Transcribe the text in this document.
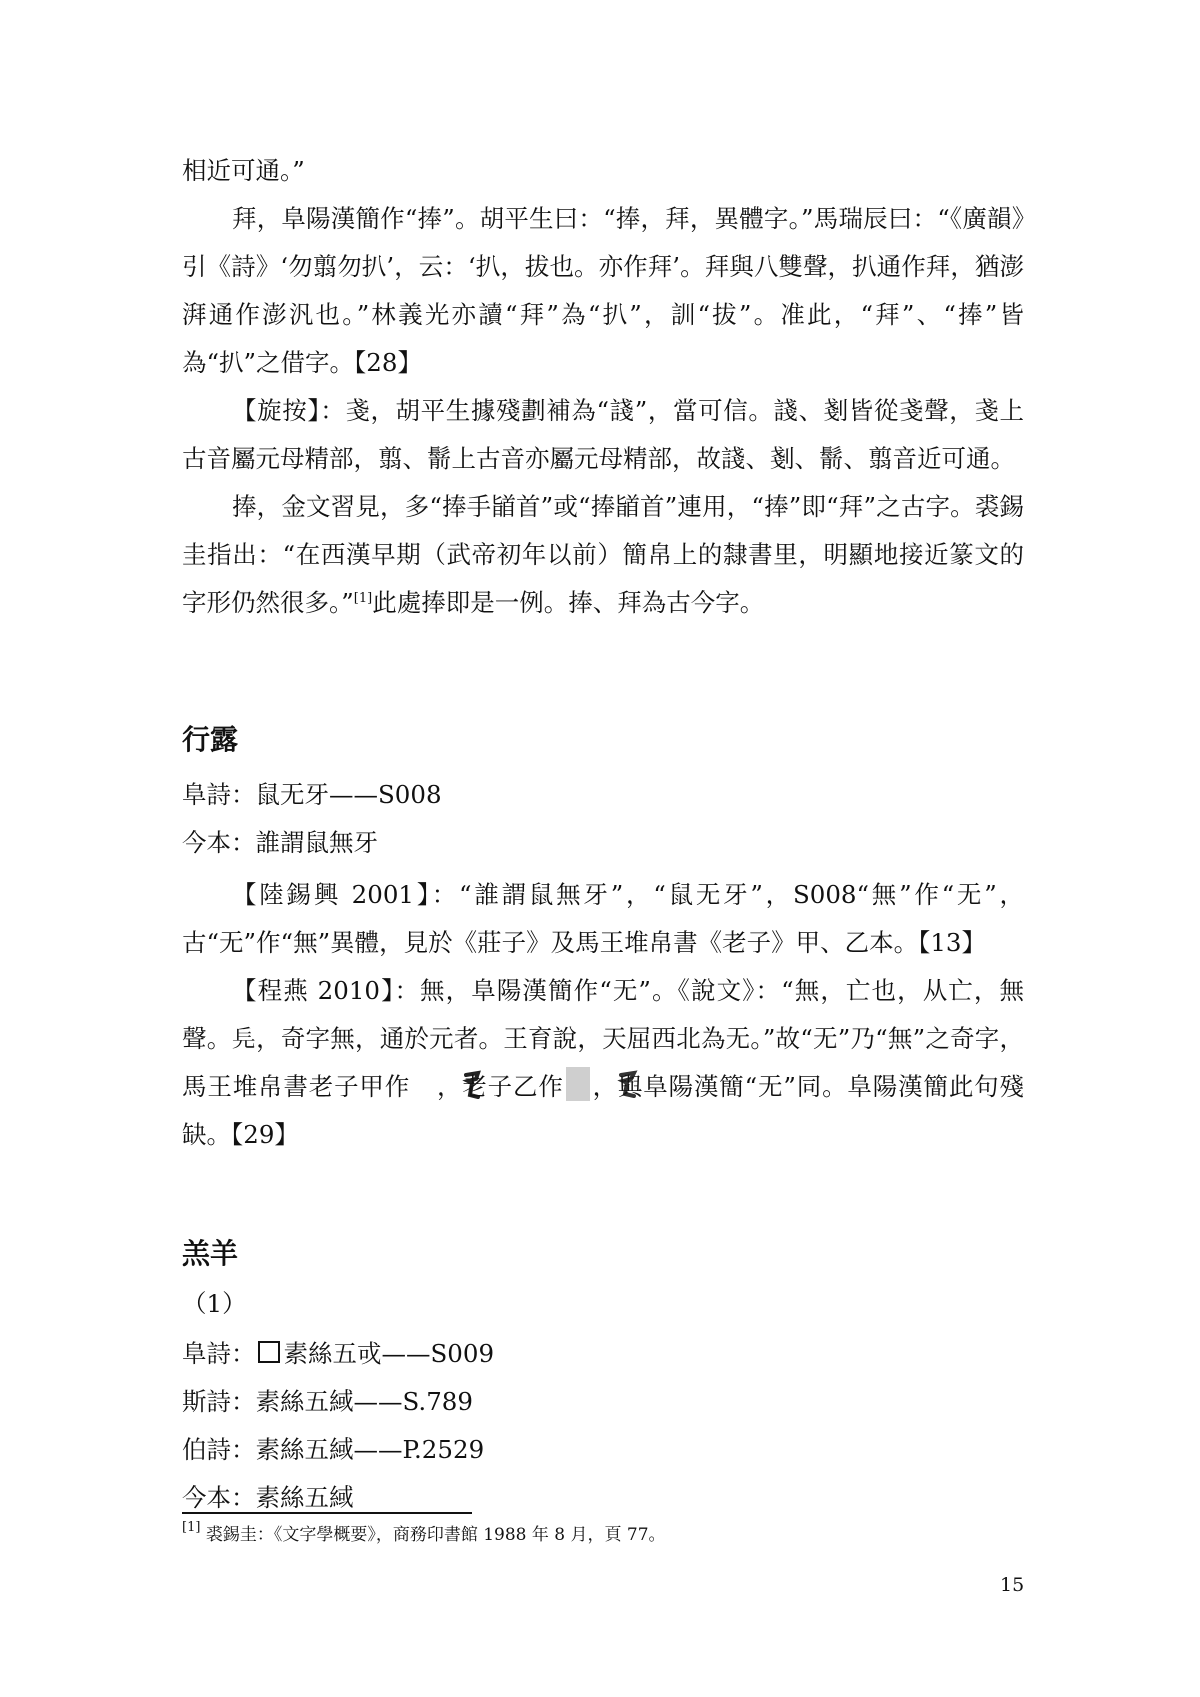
相近可通。”

拜，阜陽漢簡作“捧”。胡平生曰：“捧，拜，異體字。”馬瑞辰曰：“《廣韻》引《詩》‘勿翦勿扒’，云：‘扒，拔也。亦作拜’。拜與八雙聲，扒通作拜，猶澎湃通作澎汎也。”林義光亦讀“拜”為“扒”，訓“拔”。准此，“拜”、“捧”皆為“扒”之借字。【28】

【旋按】：戔，胡平生據殘劃補為“諓”，當可信。諓、剗皆從戔聲，戔上古音屬元母精部，翦、鬋上古音亦屬元母精部，故諓、剗、鬋、翦音近可通。

捧，金文習見，多“捧手䭫首”或“捧䭫首”連用，“捧”即“拜”之古字。裘錫圭指出：“在西漢早期（武帝初年以前）簡帛上的隸書里，明顯地接近篆文的字形仍然很多。”[1]此處捧即是一例。捧、拜為古今字。

行露

阜詩：鼠无牙——S008

今本：誰謂鼠無牙

【陸錫興 2001】：“誰謂鼠無牙”，“鼠无牙”，S008“無”作“无”，古“无”作“無”異體，見於《莊子》及馬王堆帛書《老子》甲、乙本。【13】

【程燕 2010】：無，阜陽漢簡作“无”。《說文》：“無，亡也，从亡，無聲。𠑿，奇字無，通於元者。王育說，天屈西北為无。”故“无”乃“無”之奇字，馬王堆帛書老子甲作 ，老子乙作 ，與阜陽漢簡“无”同。阜陽漢簡此句殘缺。【29】

羔羊

（1）

阜詩： 素絲五戓——S009

斯詩：素絲五緎——S.789

伯詩：素絲五緎——P.2529

今本：素絲五緎

[1] 裘錫圭：《文字學概要》，商務印書館 1988 年 8 月，頁 77。

15
